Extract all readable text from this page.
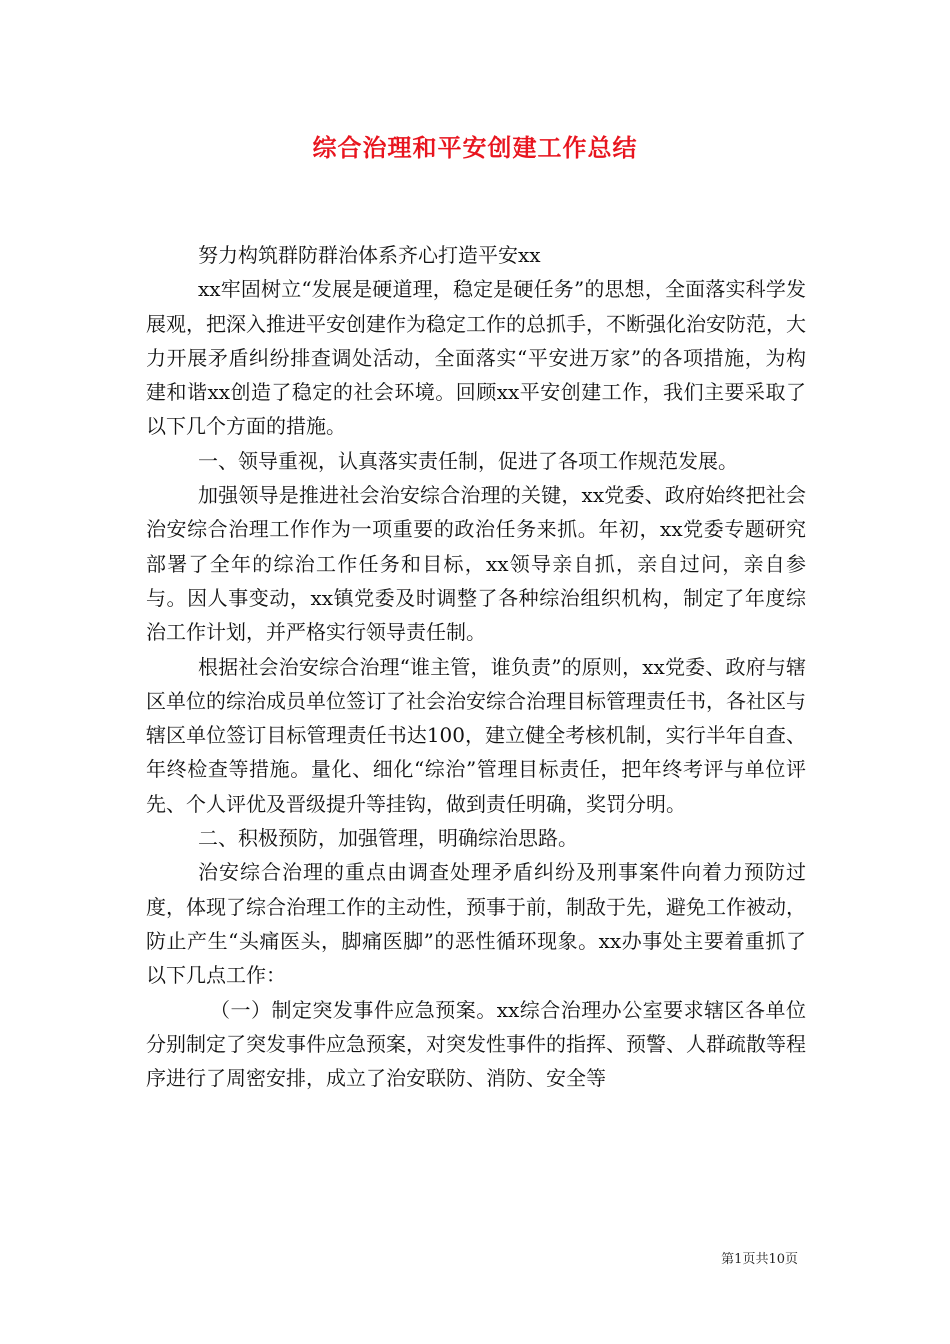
综合治理和平安创建工作总结

努力构筑群防群治体系齐心打造平安xx

xx牢固树立“发展是硬道理，稳定是硬任务”的思想，全面落实科学发展观，把深入推进平安创建作为稳定工作的总抓手，不断强化治安防范，大力开展矛盾纠纷排查调处活动，全面落实“平安进万家”的各项措施，为构建和谐xx创造了稳定的社会环境。回顾xx平安创建工作，我们主要采取了以下几个方面的措施。

一、领导重视，认真落实责任制，促进了各项工作规范发展。

加强领导是推进社会治安综合治理的关键，xx党委、政府始终把社会治安综合治理工作作为一项重要的政治任务来抓。年初，xx党委专题研究部署了全年的综治工作任务和目标，xx领导亲自抓，亲自过问，亲自参与。因人事变动，xx镇党委及时调整了各种综治组织机构，制定了年度综治工作计划，并严格实行领导责任制。

根据社会治安综合治理“谁主管，谁负责”的原则，xx党委、政府与辖区单位的综治成员单位签订了社会治安综合治理目标管理责任书，各社区与辖区单位签订目标管理责任书达100，建立健全考核机制，实行半年自查、年终检查等措施。量化、细化“综治”管理目标责任，把年终考评与单位评先、个人评优及晋级提升等挂钩，做到责任明确，奖罚分明。

二、积极预防，加强管理，明确综治思路。

治安综合治理的重点由调查处理矛盾纠纷及刑事案件向着力预防过度，体现了综合治理工作的主动性，预事于前，制敌于先，避免工作被动，防止产生“头痛医头，脚痛医脚”的恶性循环现象。xx办事处主要着重抓了以下几点工作：

（一）制定突发事件应急预案。xx综合治理办公室要求辖区各单位分别制定了突发事件应急预案，对突发性事件的指挥、预警、人群疏散等程序进行了周密安排，成立了治安联防、消防、安全等

第1页共10页
